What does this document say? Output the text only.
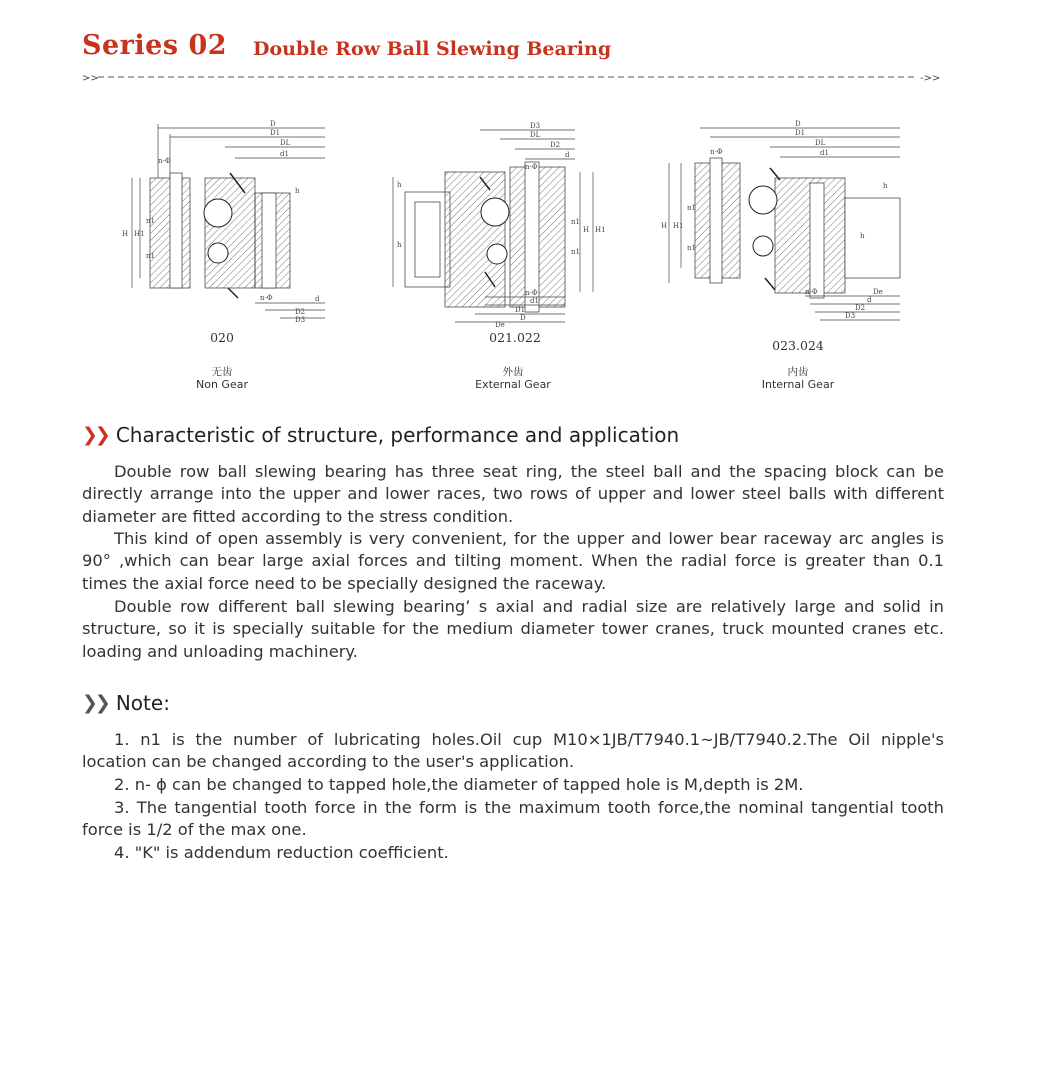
Series 02 Double Row Ball Slewing Bearing
>>	->>
D
D1
DL
d1
n-Φ
H H1
n1
n1
h
n-Φ	d
D2
D3
020
无齿
Non Gear
D3
DL
D2
d
n-Φ
h
h
n1
n1
H H1
n-Φ
d1
D1
D
De
021.022
外齿
External Gear
D
D1
DL
d1
n-Φ
H H1
n1
n1
h
h
n-Φ	De
d
D2
D3
023.024
内齿
Internal Gear
❯❯ Characteristic of structure, performance and application
Double row ball slewing bearing has three seat ring, the steel ball and the spacing block can be directly arrange into the upper and lower races, two rows of upper and lower steel balls with different diameter are fitted according to the stress condition.
This kind of open assembly is very convenient, for the upper and lower bear raceway arc angles is 90° ,which can bear large axial forces and tilting moment. When the radial force is greater than 0.1 times the axial force need to be specially designed the raceway.
Double row different ball slewing bearing’ s axial and radial size are relatively large and solid in structure, so it is specially suitable for the medium diameter tower cranes, truck mounted cranes etc. loading and unloading machinery.
❯❯ Note:
1. n1 is the number of lubricating holes.Oil cup M10×1JB/T7940.1~JB/T7940.2.The Oil nipple's location can be changed according to the user's application.
2. n- ϕ can be changed to tapped hole,the diameter of tapped hole is M,depth is 2M.
3. The tangential tooth force in the form is the maximum tooth force,the nominal tangential tooth force is 1/2 of the max one.
4. "K" is addendum reduction coefficient.
